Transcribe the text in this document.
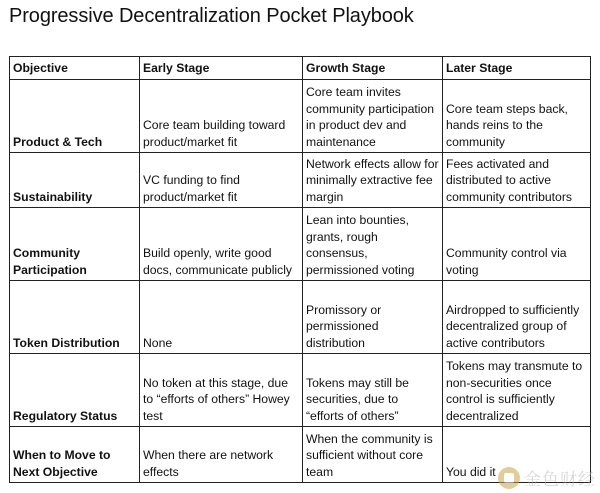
Progressive Decentralization Pocket Playbook
Objective	Early Stage	Growth Stage	Later Stage
Product & Tech	Core team building toward product/market fit	Core team invites community participation in product dev and maintenance	Core team steps back, hands reins to the community
Sustainability	VC funding to find product/market fit	Network effects allow for minimally extractive fee margin	Fees activated and distributed to active community contributors
Community Participation	Build openly, write good docs, communicate publicly	Lean into bounties, grants, rough consensus, permissioned voting	Community control via voting
Token Distribution	None	Promissory or permissioned distribution	Airdropped to sufficiently decentralized group of active contributors
Regulatory Status	No token at this stage, due to “efforts of others” Howey test	Tokens may still be securities, due to “efforts of others”	Tokens may transmute to non-securities once control is sufficiently decentralized
When to Move to Next Objective	When there are network effects	When the community is sufficient without core team	You did it 金色财经
